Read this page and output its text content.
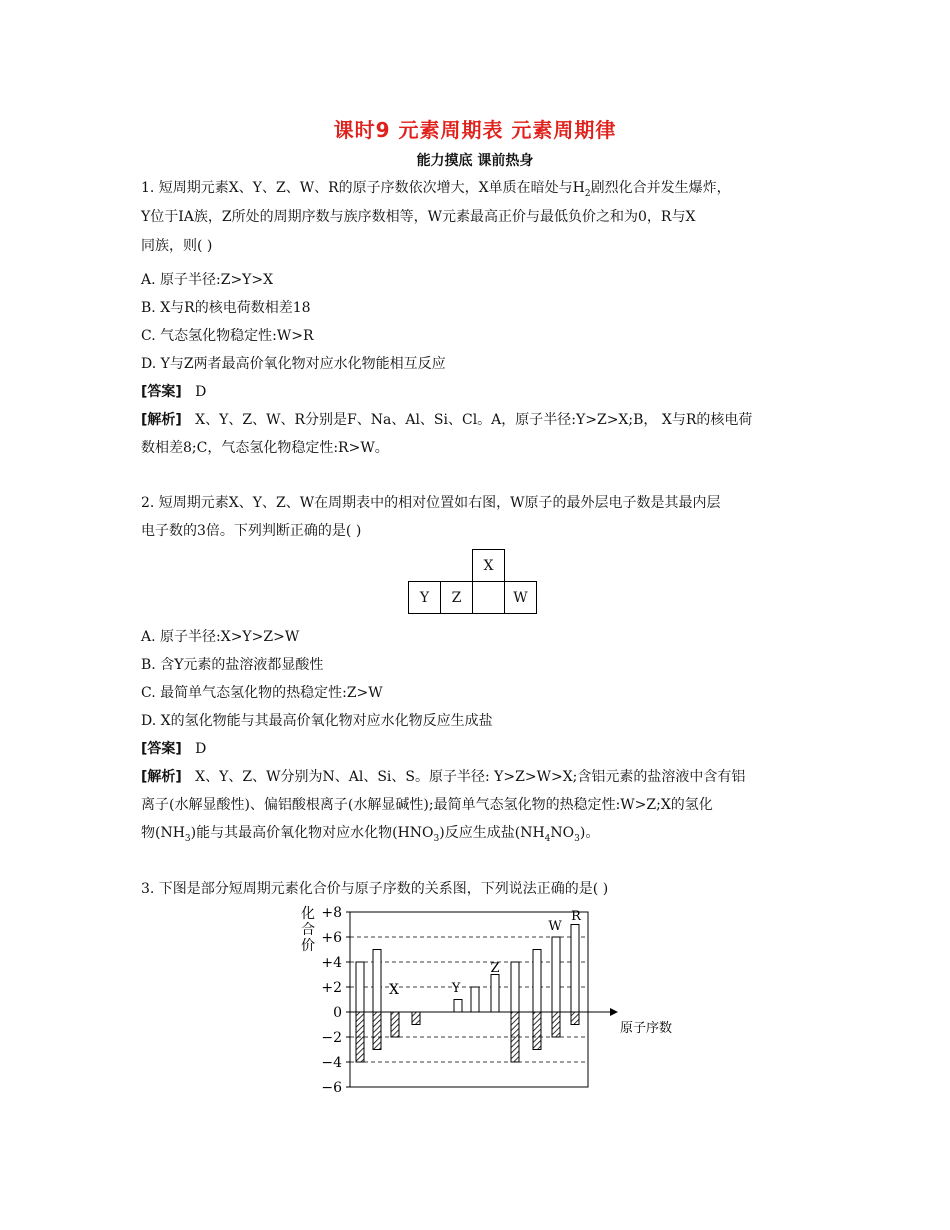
课时9 元素周期表 元素周期律
能力摸底 课前热身
1. 短周期元素X、Y、Z、W、R的原子序数依次增大，X单质在暗处与$H_2$剧烈化合并发生爆炸，
Y位于ⅠA族，Z所处的周期序数与族序数相等，W元素最高正价与最低负价之和为0，R与X
同族，则( )
A. 原子半径:Z>Y>X
B. X与R的核电荷数相差18
C. 气态氢化物稳定性:W>R
D. Y与Z两者最高价氧化物对应水化物能相互反应
[答案] D
[解析] X、Y、Z、W、R分别是F、Na、Al、Si、Cl。A，原子半径:Y>Z>X;B， X与R的核电荷
数相差8;C，气态氢化物稳定性:R>W。
2. 短周期元素X、Y、Z、W在周期表中的相对位置如右图，W原子的最外层电子数是其最内层
电子数的3倍。下列判断正确的是( )
		X	
Y	Z		W
A. 原子半径:X>Y>Z>W
B. 含Y元素的盐溶液都显酸性
C. 最简单气态氢化物的热稳定性:Z>W
D. X的氢化物能与其最高价氧化物对应水化物反应生成盐
[答案] D
[解析] X、Y、Z、W分别为N、Al、Si、S。原子半径: Y>Z>W>X;含铝元素的盐溶液中含有铝
离子(水解显酸性)、偏铝酸根离子(水解显碱性);最简单气态氢化物的热稳定性:W>Z;X的氢化
物$(NH_3)$能与其最高价氧化物对应水化物$(HNO_3)$反应生成盐$(NH_4NO_3)$。
3. 下图是部分短周期元素化合价与原子序数的关系图，下列说法正确的是( )
+8
+6
+4
+2
0
−2
−4
−6
化
合
价
原子序数
X	Y
Z
W
R
